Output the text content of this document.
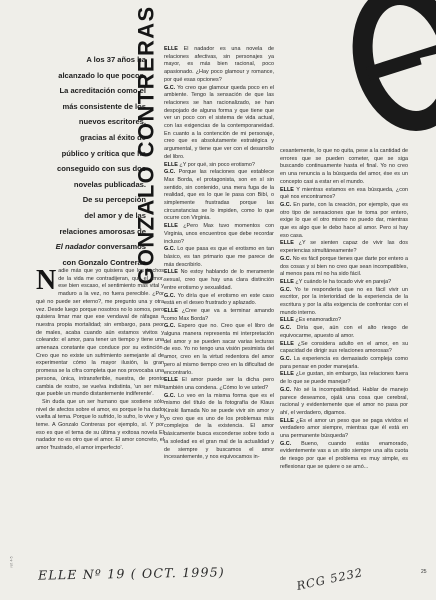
A los 37 años ha
alcanzado lo que pocos.
La acreditación como el
más consistente de los
nuevos escritores,
gracias al éxito de
público y crítica que ha
conseguido con sus dos
novelas publicadas.
De su percepción
del amor y de las
relaciones amorosas de
El nadador conversamos
con Gonzalo Contreras
GONZALO CONTRERAS
N adie más que yo quisiera que los hechos de la vida me contradijeran, que el amor, ese bien escaso, el sentimiento más vital y maduro a la vez, no fuera perecible. ¿Por qué no puede ser eterno?, me pregunto una y otra vez. Desde luego porque nosotros no lo somos, pero quisiera limar mar que ese vendaval de ráfagas a nuestra propia mortalidad; sin embargo, para peor de males, acaba cuando aún estamos vivitos y coleando: el amor, para tener un tiempo y tiene una amenaza constante que conduce por su extinción. Creo que no existe un sufrimiento semejante al de experimentar cómo la mayor ilusión, la gran promesa se la cifra completa que nos provocaba una persona, única, intransferible, nuestra, de pronto cambia de rostro, se vuelva indistinta, 'un ser más que pueble un mundo distantemente indiferente'.

Sin duda que un ser humano que sostiene sólo nivel de afectos sobre el amor, es porque le ha dado vuelta al tema. Porque lo sufrido, lo sufro, lo vive y lo teme. A Gonzalo Contreras por ejemplo, sí. Y por eso es que el tema de su última y exitosa novela El nadador no es otro que el amor. El amor concreto, el amor 'frustrado, el amor imperfecto'.

ELLE El nadador es una novela de relaciones afectivas, sin personajes ya mayor, es más bien racional, poco apasionado. ¿Hay poco glamour y romance, por qué esas opciones?

G.C. Yo creo que glamour queda poco en el ambiente. Tengo la sensación de que las relaciones se han racionalizado, se han despojado de alguna forma y que tiene que ver un poco con el sistema de vida actual, con las exigencias de la contemporaneidad. En cuanto a la contención de mi personaje, creo que es absolutamente estratégica y argumental, y tiene que ver con el desarrollo del libro.

ELLE ¿Y por qué, sin poco erotismo?

G.C. Porque las relaciones que establece Max Borda, el protagonista, son en sí sin sentido, sin contenido, una mera fuga de la realidad, que es lo que le pasa con Bibí, o simplemente frustradas porque las circunstancias se lo impiden, como lo que ocurre con Virginia.

ELLE ¿Pero Max tuvo momentos con Virginia, unos encuentros que debe recordar incluso?

G.C. Lo que pasa es que el erotismo en tan básico, es tan primario que me parece de más describirlo.

ELLE No estoy hablando de lo meramente sexual, creo que hay una clara distinción entre erotismo y sexualidad.

G.C. Yo diría que el erotismo en este caso está en el deseo frustrado y aplazado.

ELLE ¿Cree que va a terminar amando como Max Borda?

G.C. Espero que no. Creo que el libro de alguna manera representa mi interpretación del amor y se pueden sacar varias lecturas de eso. Yo no tengo una visión pesimista del amor, creo en la virtud redentora del amor pero al mismo tiempo creo en la dificultad de encontrarlo.

ELLE El amor puede ser la dicha pero también una condena. ¿Cómo lo ve usted?

G.C. Lo veo en la misma forma que es el mismo del título de la fotografía de Klaus Kinski llamada No se puede vivir sin amor y yo creo que es uno de los problemas más complejos de la existencia. El amor básicamente busca esconderse sobre todo a la soledad es el gran mal de la actualidad y de siempre y buscamos el amor incesantemente, y nos equivocamos in-

cesantemente, lo que no quita, pese a la cantidad de errores que se pueden cometer, que se siga buscando continuamente hasta el final. Yo no creo en una renuncia a la búsqueda del amor, ése es un concepto casi a estar en el mundo.

ELLE Y mientras estamos en esa búsqueda, ¿con qué nos encontramos?

G.C. En parte, con la creación, por ejemplo, que es otro tipo de sensaciones que te toma por entero, exige lo que el otro mismo no puedo dar, mientras que es algo que le debo hace al amor. Pero si hay eso casa.

ELLE ¿Y se sienten capaz de vivir las dos experiencias simultáneamente?

G.C. No es fácil porque tienes que darte por entero a dos cosas y si bien no creo que sean incompatibles, al menos para mí no ha sido fácil.

ELLE ¿Y cuándo le ha tocado vivir en pareja?

G.C. Yo te respondería que no es fácil vivir un escritor, por la interioridad de la experiencia de la escritura y por la alta exigencia de confrontar con el mundo interno.

ELLE ¿Es enamoradizo?

G.C. Diría que, aún con el alto riesgo de equivocarme, apuesto al amor.

ELLE ¿Se considera adulto en el amor, en su capacidad de dirigir sus relaciones amorosas?

G.C. La experiencia es demasiado compleja como para pensar en poder manejarla.

ELLE ¿Le gustan, sin embargo, las relaciones fuera de lo que se puede manejar?

G.C. No sé la incompatibilidad. Hablar de manejo parece deseamos, ojalá una cosa que cerebral, racional y evidentemente que el amor no pasa por ahí, el verdadero, digamos.

ELLE ¿Es el amor un peso que se paga vividos el verdadero amor siempre, mientras que él está en una permanente búsqueda?

G.C. Bueno, cuando estás enamorado, evidentemente vas a un sitio siempre una alta cuota de riesgo por que el problema es muy simple, es reflexionar que se quiere o se amó...

ELLE Nº 19 ( OCT. 1995)	RCG 5232	25
ref. 4-5
